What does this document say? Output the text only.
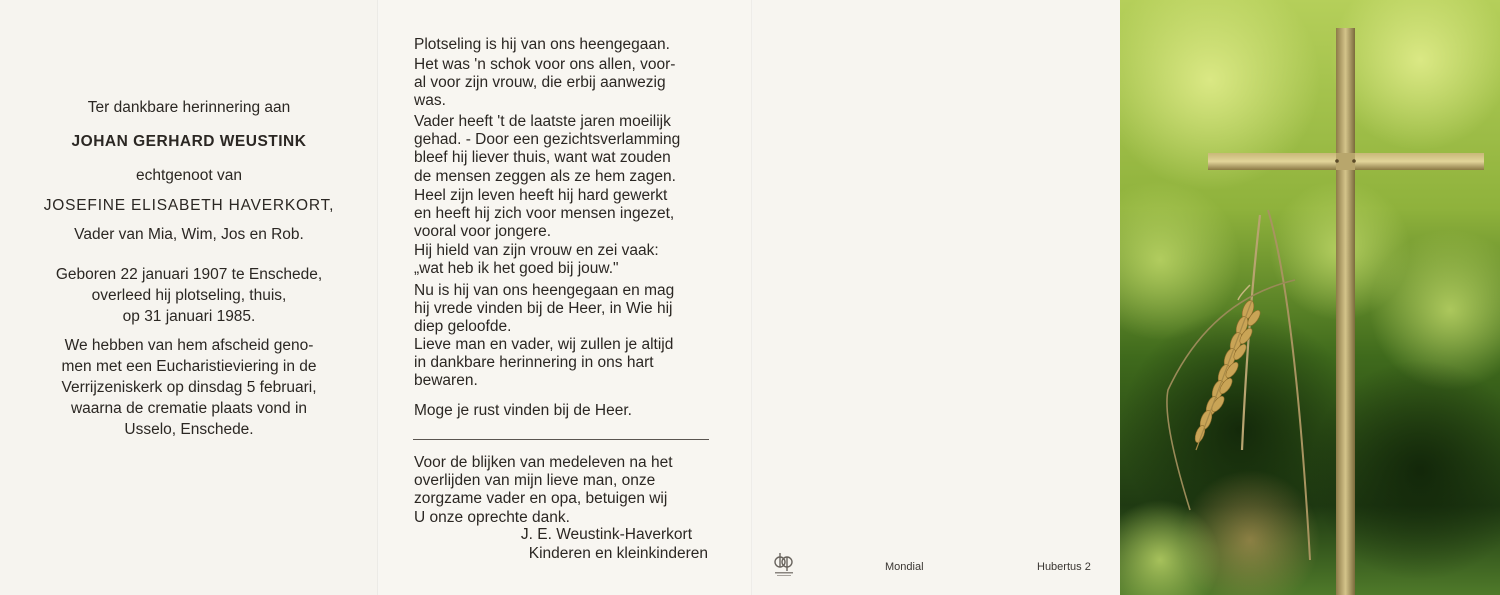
Ter dankbare herinnering aan
JOHAN GERHARD WEUSTINK
echtgenoot van
JOSEFINE ELISABETH HAVERKORT,
Vader van Mia, Wim, Jos en Rob.
Geboren 22 januari 1907 te Enschede,
overleed hij plotseling, thuis,
op 31 januari 1985.
We hebben van hem afscheid geno-
men met een Eucharistieviering in de
Verrijzeniskerk op dinsdag 5 februari,
waarna de crematie plaats vond in
Usselo, Enschede.

Plotseling is hij van ons heengegaan.

Het was 'n schok voor ons allen, voor-

al voor zijn vrouw, die erbij aanwezig

was.

Vader heeft 't de laatste jaren moeilijk

gehad. - Door een gezichtsverlamming

bleef hij liever thuis, want wat zouden

de mensen zeggen als ze hem zagen.

Heel zijn leven heeft hij hard gewerkt

en heeft hij zich voor mensen ingezet,

vooral voor jongere.

Hij hield van zijn vrouw en zei vaak:

„wat heb ik het goed bij jouw."

Nu is hij van ons heengegaan en mag

hij vrede vinden bij de Heer, in Wie hij

diep geloofde.

Lieve man en vader, wij zullen je altijd

in dankbare herinnering in ons hart

bewaren.

Moge je rust vinden bij de Heer.

Voor de blijken van medeleven na het

overlijden van mijn lieve man, onze

zorgzame vader en opa, betuigen wij

U onze oprechte dank.

J. E. Weustink-Haverkort
Kinderen en kleinkinderen
Mondial	Hubertus 2
